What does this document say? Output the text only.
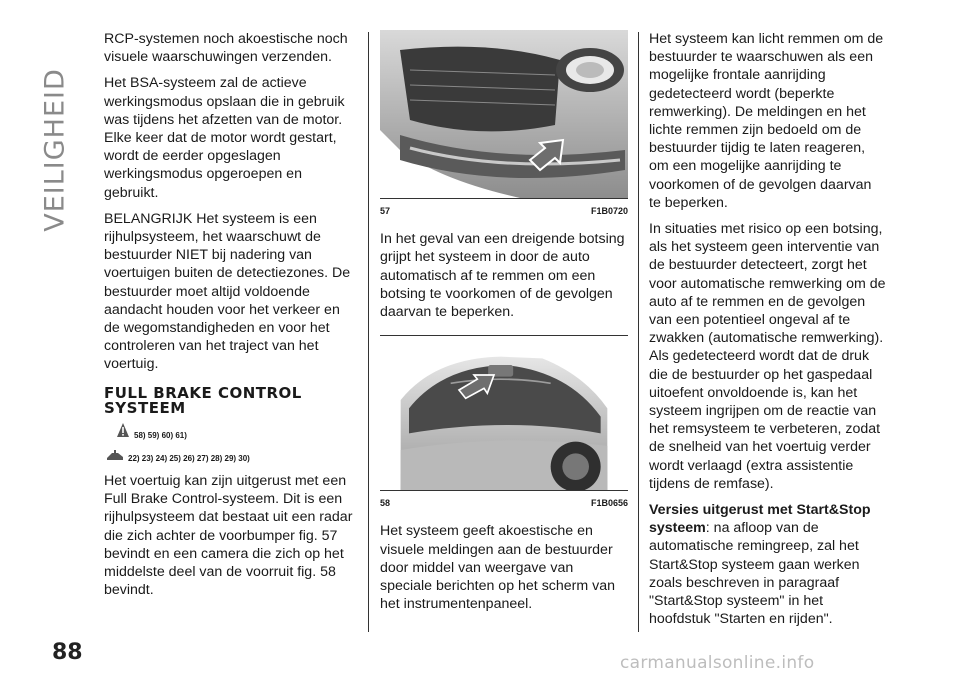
VEILIGHEID
88	carmanualsonline.info

RCP-systemen noch akoestische noch visuele waarschuwingen verzenden.

Het BSA-systeem zal de actieve werkingsmodus opslaan die in gebruik was tijdens het afzetten van de motor. Elke keer dat de motor wordt gestart, wordt de eerder opgeslagen werkingsmodus opgeroepen en gebruikt.

BELANGRIJK Het systeem is een rijhulpsysteem, het waarschuwt de bestuurder NIET bij nadering van voertuigen buiten de detectiezones. De bestuurder moet altijd voldoende aandacht houden voor het verkeer en de wegomstandigheden en voor het controleren van het traject van het voertuig.

FULL BRAKE CONTROL SYSTEEM
58) 59) 60) 61)
22) 23) 24) 25) 26) 27) 28) 29) 30)

Het voertuig kan zijn uitgerust met een Full Brake Control-systeem. Dit is een rijhulpsysteem dat bestaat uit een radar die zich achter de voorbumper fig. 57 bevindt en een camera die zich op het middelste deel van de voorruit fig. 58 bevindt.

57	F1B0720

In het geval van een dreigende botsing grijpt het systeem in door de auto automatisch af te remmen om een botsing te voorkomen of de gevolgen daarvan te beperken.

58	F1B0656

Het systeem geeft akoestische en visuele meldingen aan de bestuurder door middel van weergave van speciale berichten op het scherm van het instrumentenpaneel.

Het systeem kan licht remmen om de bestuurder te waarschuwen als een mogelijke frontale aanrijding gedetecteerd wordt (beperkte remwerking). De meldingen en het lichte remmen zijn bedoeld om de bestuurder tijdig te laten reageren, om een mogelijke aanrijding te voorkomen of de gevolgen daarvan te beperken.

In situaties met risico op een botsing, als het systeem geen interventie van de bestuurder detecteert, zorgt het voor automatische remwerking om de auto af te remmen en de gevolgen van een potentieel ongeval af te zwakken (automatische remwerking). Als gedetecteerd wordt dat de druk die de bestuurder op het gaspedaal uitoefent onvoldoende is, kan het systeem ingrijpen om de reactie van het remsysteem te verbeteren, zodat de snelheid van het voertuig verder wordt verlaagd (extra assistentie tijdens de remfase).

Versies uitgerust met Start&Stop systeem: na afloop van de automatische remingreep, zal het Start&Stop systeem gaan werken zoals beschreven in paragraaf "Start&Stop systeem" in het hoofdstuk "Starten en rijden".
